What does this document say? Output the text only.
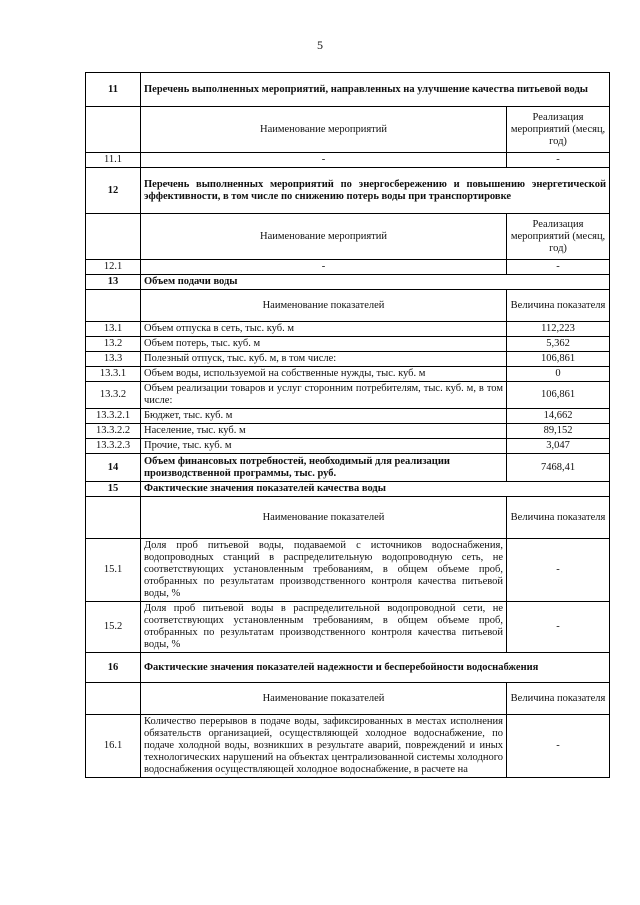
5
11	Перечень выполненных мероприятий, направленных на улучшение качества питьевой воды	
	Наименование мероприятий	Реализация мероприятий (месяц, год)
11.1	-	-
12	Перечень выполненных мероприятий по энергосбережению и повышению энергетической эффективности, в том числе по снижению потерь воды при транспортировке	
	Наименование мероприятий	Реализация мероприятий (месяц, год)
12.1	-	-
13	Объем подачи воды	
	Наименование показателей	Величина показателя
13.1	Объем отпуска в сеть, тыс. куб. м	112,223
13.2	Объем потерь, тыс. куб. м	5,362
13.3	Полезный отпуск, тыс. куб. м, в том числе:	106,861
13.3.1	Объем воды, используемой на собственные нужды, тыс. куб. м	0
13.3.2	Объем реализации товаров и услуг сторонним потребителям, тыс. куб. м, в том числе:	106,861
13.3.2.1	Бюджет, тыс. куб. м	14,662
13.3.2.2	Население, тыс. куб. м	89,152
13.3.2.3	Прочие, тыс. куб. м	3,047
14	Объем финансовых потребностей, необходимый для реализации производственной программы, тыс. руб.	7468,41
15	Фактические значения показателей качества воды	
	Наименование показателей	Величина показателя
15.1	Доля проб питьевой воды, подаваемой с источников водоснабжения, водопроводных станций в распределительную водопроводную сеть, не соответствующих установленным требованиям, в общем объеме проб, отобранных по результатам производственного контроля качества питьевой воды, %	-
15.2	Доля проб питьевой воды в распределительной водопроводной сети, не соответствующих установленным требованиям, в общем объеме проб, отобранных по результатам производственного контроля качества питьевой воды, %	-
16	Фактические значения показателей надежности и бесперебойности водоснабжения	
	Наименование показателей	Величина показателя
16.1	Количество перерывов в подаче воды, зафиксированных в местах исполнения обязательств организацией, осуществляющей холодное водоснабжение, по подаче холодной воды, возникших в результате аварий, повреждений и иных технологических нарушений на объектах централизованной системы холодного водоснабжения осуществляющей холодное водоснабжение, в расчете на	-
